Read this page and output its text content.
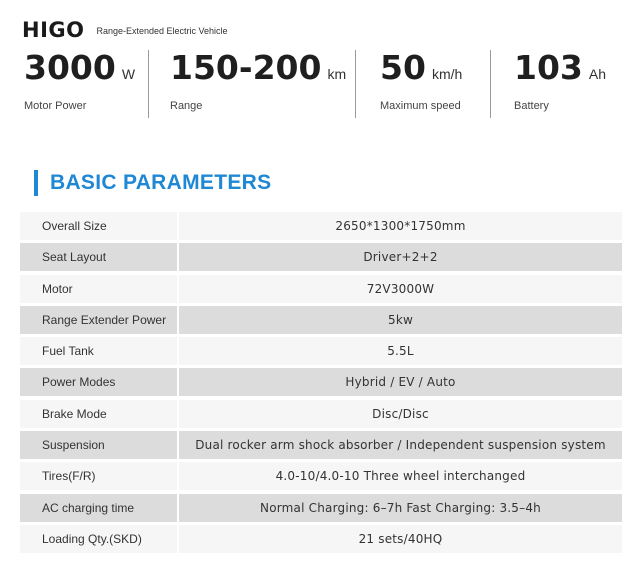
HIGO Range-Extended Electric Vehicle
3000 W
Motor Power
150-200 km
Range
50 km/h
Maximum speed
103 Ah
Battery
BASIC PARAMETERS
Overall Size	2650*1300*1750mm
Seat Layout	Driver+2+2
Motor	72V3000W
Range Extender Power	5kw
Fuel Tank	5.5L
Power Modes	Hybrid / EV / Auto
Brake Mode	Disc/Disc
Suspension	Dual rocker arm shock absorber / Independent suspension system
Tires(F/R)	4.0-10/4.0-10 Three wheel interchanged
AC charging time	Normal Charging: 6–7h Fast Charging: 3.5–4h
Loading Qty.(SKD)	21 sets/40HQ
